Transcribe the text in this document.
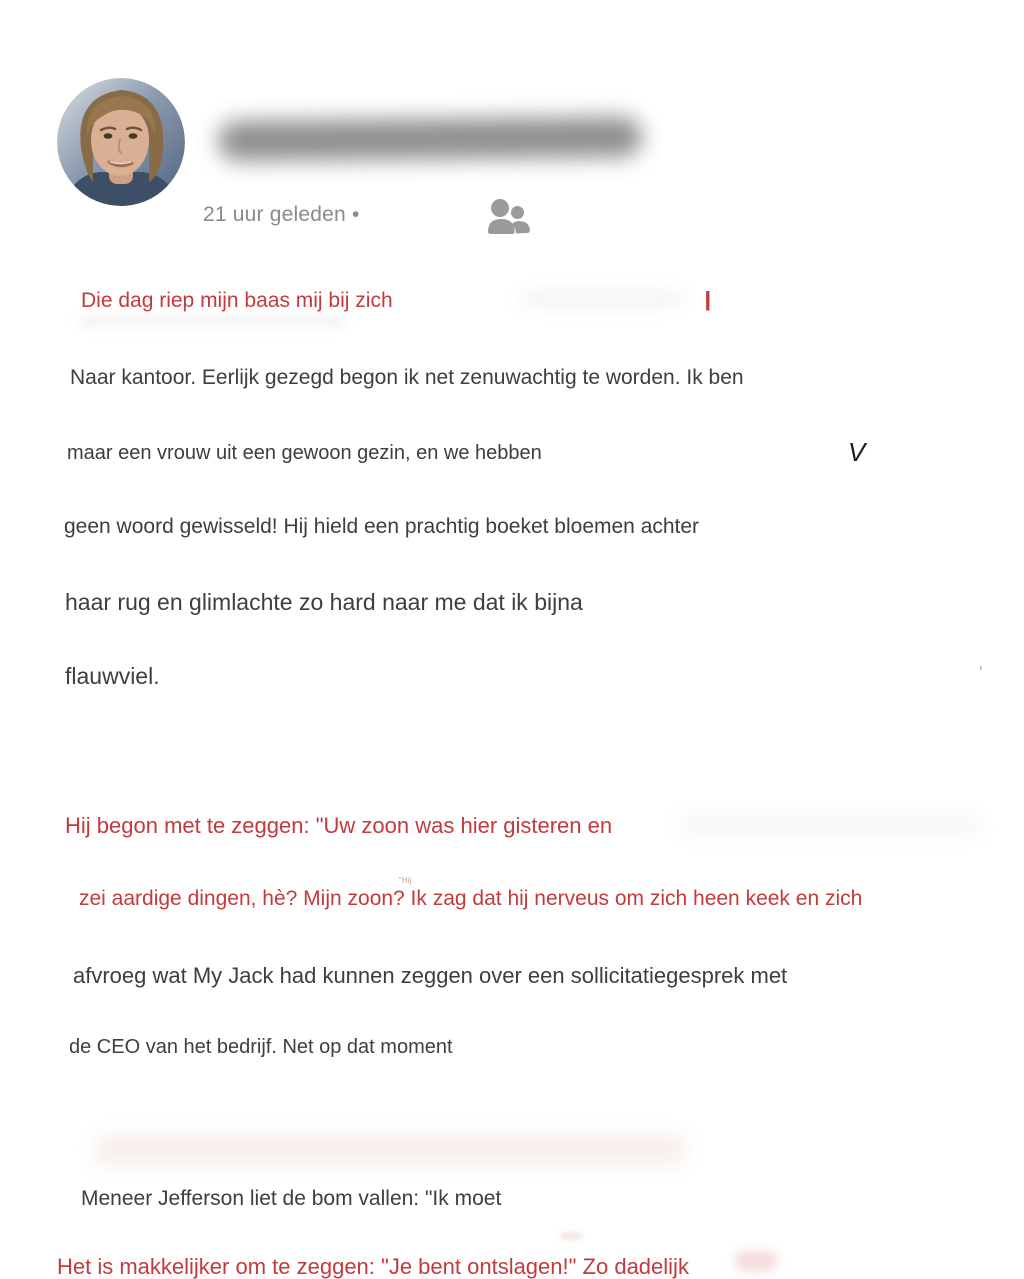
21 uur geleden •
Die dag riep mijn baas mij bij zich
Naar kantoor. Eerlijk gezegd begon ik net zenuwachtig te worden. Ik ben
maar een vrouw uit een gewoon gezin, en we hebben
geen woord gewisseld! Hij hield een prachtig boeket bloemen achter
haar rug en glimlachte zo hard naar me dat ik bijna
flauwviel.
Hij begon met te zeggen: "Uw zoon was hier gisteren en
zei aardige dingen, hè? Mijn zoon? Ik zag dat hij nerveus om zich heen keek en zich
afvroeg wat My Jack had kunnen zeggen over een sollicitatiegesprek met
de CEO van het bedrijf. Net op dat moment
Meneer Jefferson liet de bom vallen: "Ik moet
Het is makkelijker om te zeggen: "Je bent ontslagen!" Zo dadelijk
ן
V
'
"Hij
